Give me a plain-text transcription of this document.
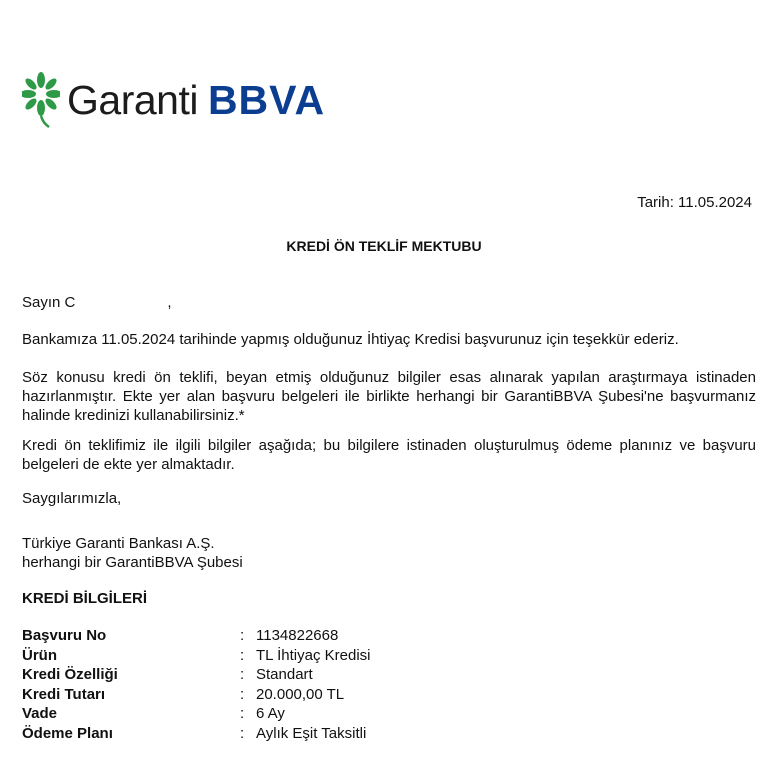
Garanti BBVA
Tarih: 11.05.2024
KREDİ ÖN TEKLİF MEKTUBU
Sayın C	,
Bankamıza 11.05.2024 tarihinde yapmış olduğunuz İhtiyaç Kredisi başvurunuz için teşekkür ederiz.
Söz konusu kredi ön teklifi, beyan etmiş olduğunuz bilgiler esas alınarak yapılan araştırmaya istinaden hazırlanmıştır. Ekte yer alan başvuru belgeleri ile birlikte herhangi bir GarantiBBVA Şubesi'ne başvurmanız halinde kredinizi kullanabilirsiniz.*
Kredi ön teklifimiz ile ilgili bilgiler aşağıda; bu bilgilere istinaden oluşturulmuş ödeme planınız ve başvuru belgeleri de ekte yer almaktadır.
Saygılarımızla,
Türkiye Garanti Bankası A.Ş.
herhangi bir GarantiBBVA Şubesi
KREDİ BİLGİLERİ
Başvuru No	: 1134822668
Ürün	: TL İhtiyaç Kredisi
Kredi Özelliği	: Standart
Kredi Tutarı	: 20.000,00 TL
Vade	: 6 Ay
Ödeme Planı	: Aylık Eşit Taksitli
